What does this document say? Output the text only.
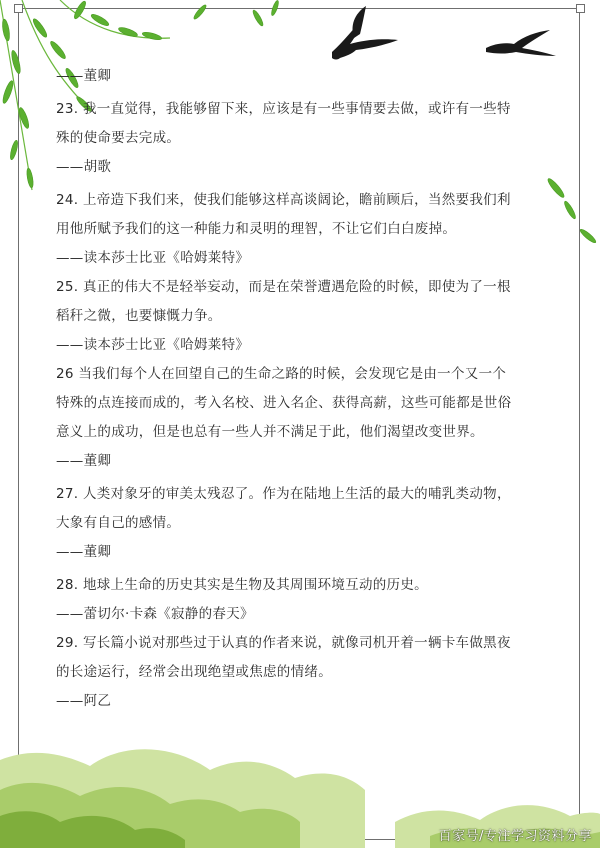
——董卿

23. 我一直觉得，我能够留下来，应该是有一些事情要去做，或许有一些特
殊的使命要去完成。

——胡歌

24. 上帝造下我们来，使我们能够这样高谈阔论，瞻前顾后，当然要我们利
用他所赋予我们的这一种能力和灵明的理智，不让它们白白废掉。

——读本莎士比亚《哈姆莱特》

25. 真正的伟大不是轻举妄动，而是在荣誉遭遇危险的时候，即使为了一根
稻秆之微，也要慷慨力争。

——读本莎士比亚《哈姆莱特》

26 当我们每个人在回望自己的生命之路的时候，会发现它是由一个又一个
特殊的点连接而成的，考入名校、进入名企、获得高薪，这些可能都是世俗
意义上的成功，但是也总有一些人并不满足于此，他们渴望改变世界。

——董卿

27. 人类对象牙的审美太残忍了。作为在陆地上生活的最大的哺乳类动物，
大象有自己的感情。

——董卿

28. 地球上生命的历史其实是生物及其周围环境互动的历史。

——蕾切尔·卡森《寂静的春天》

29. 写长篇小说对那些过于认真的作者来说，就像司机开着一辆卡车做黑夜
的长途运行，经常会出现绝望或焦虑的情绪。

——阿乙

百家号/专注学习资料分享
